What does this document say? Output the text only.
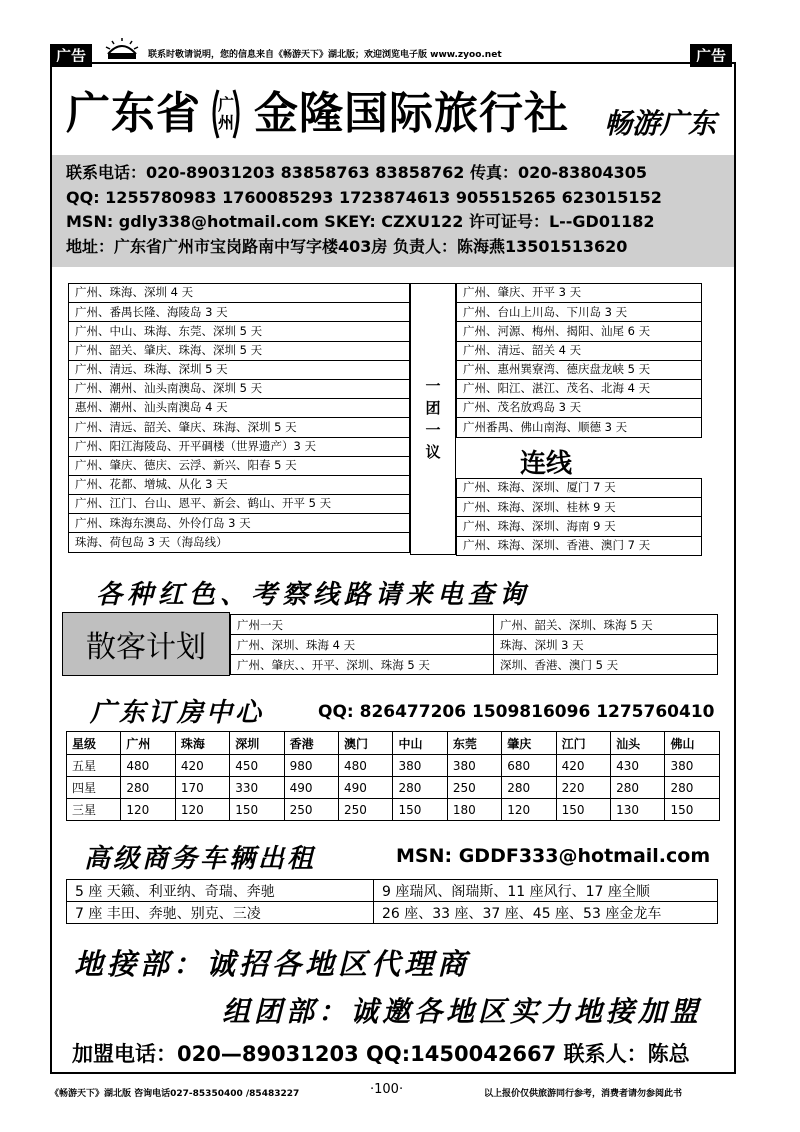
广告	联系时敬请说明，您的信息来自《畅游天下》湖北版；欢迎浏览电子版 www.zyoo.net	广告
广东省 广州 金隆国际旅行社 畅游广东
联系电话：020-89031203 83858763 83858762 传真：020-83804305
QQ: 1255780983 1760085293 1723874613 905515265 623015152
MSN: gdly338@hotmail.com SKEY: CZXU122 许可证号：L--GD01182
地址：广东省广州市宝岗路南中写字楼403房 负责人：陈海燕13501513620
广州、珠海、深圳 4 天
广州、番禺长隆、海陵岛 3 天
广州、中山、珠海、东莞、深圳 5 天
广州、韶关、肇庆、珠海、深圳 5 天
广州、清远、珠海、深圳 5 天
广州、潮州、汕头南澳岛、深圳 5 天
惠州、潮州、汕头南澳岛 4 天
广州、清远、韶关、肇庆、珠海、深圳 5 天
广州、阳江海陵岛、开平碉楼（世界遗产）3 天
广州、肇庆、德庆、云浮、新兴、阳春 5 天
广州、花都、增城、从化 3 天
广州、江门、台山、恩平、新会、鹤山、开平 5 天
广州、珠海东澳岛、外伶仃岛 3 天
珠海、荷包岛 3 天（海岛线）
一
团
一
议
广州、肇庆、开平 3 天
广州、台山上川岛、下川岛 3 天
广州、河源、梅州、揭阳、汕尾 6 天
广州、清远、韶关 4 天
广州、惠州巽寮湾、德庆盘龙峡 5 天
广州、阳江、湛江、茂名、北海 4 天
广州、茂名放鸡岛 3 天
广州番禺、佛山南海、顺德 3 天
连线
广州、珠海、深圳、厦门 7 天
广州、珠海、深圳、桂林 9 天
广州、珠海、深圳、海南 9 天
广州、珠海、深圳、香港、澳门 7 天
各种红色、考察线路请来电查询
散客计划
广州一天	广州、韶关、深圳、珠海 5 天
广州、深圳、珠海 4 天	珠海、深圳 3 天
广州、肇庆、、开平、深圳、珠海 5 天	深圳、香港、澳门 5 天
广东订房中心	QQ: 826477206 1509816096 1275760410
星级	广州	珠海	深圳	香港	澳门	中山	东莞	肇庆	江门	汕头	佛山
五星	480	420	450	980	480	380	380	680	420	430	380
四星	280	170	330	490	490	280	250	280	220	280	280
三星	120	120	150	250	250	150	180	120	150	130	150
高级商务车辆出租	MSN: GDDF333@hotmail.com
5 座 天籁、利亚纳、奇瑞、奔驰	9 座瑞风、阁瑞斯、11 座风行、17 座全顺
7 座 丰田、奔驰、别克、三凌	26 座、33 座、37 座、45 座、53 座金龙车
地接部：诚招各地区代理商
组团部：诚邀各地区实力地接加盟
加盟电话：020—89031203 QQ:1450042667 联系人：陈总
《畅游天下》湖北版 咨询电话027-85350400 /85483227	·100·	以上报价仅供旅游同行参考，消费者请勿参阅此书
